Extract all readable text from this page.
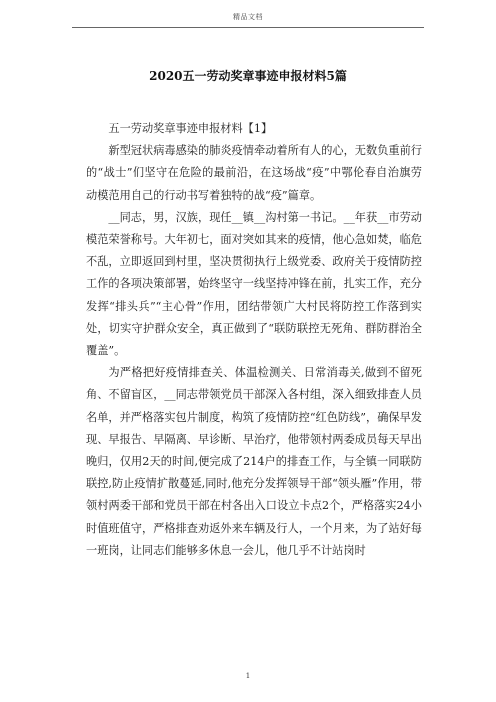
精品文档
2020五一劳动奖章事迹申报材料5篇

五一劳动奖章事迹申报材料【1】

新型冠状病毒感染的肺炎疫情牵动着所有人的心，无数负重前行的“战士”们坚守在危险的最前沿，在这场战“疫”中鄂伦春自治旗劳动模范用自己的行动书写着独特的战“疫”篇章。

__同志，男，汉族，现任__镇__沟村第一书记。__年获__市劳动模范荣誉称号。大年初七，面对突如其来的疫情，他心急如焚，临危不乱，立即返回到村里，坚决贯彻执行上级党委、政府关于疫情防控工作的各项决策部署，始终坚守一线坚持冲锋在前，扎实工作，充分发挥“排头兵”“主心骨”作用，团结带领广大村民将防控工作落到实处，切实守护群众安全，真正做到了“联防联控无死角、群防群治全覆盖”。

为严格把好疫情排查关、体温检测关、日常消毒关,做到不留死角、不留盲区，__同志带领党员干部深入各村组，深入细致排查人员名单，并严格落实包片制度，构筑了疫情防控“红色防线”，确保早发现、早报告、早隔离、早诊断、早治疗，他带领村两委成员每天早出晚归，仅用2天的时间,便完成了214户的排查工作，与全镇一同联防联控,防止疫情扩散蔓延,同时,他充分发挥领导干部“领头雁”作用，带领村两委干部和党员干部在村各出入口设立卡点2个，严格落实24小时值班值守，严格排查劝返外来车辆及行人，一个月来，为了站好每一班岗，让同志们能够多休息一会儿，他几乎不计站岗时

1
